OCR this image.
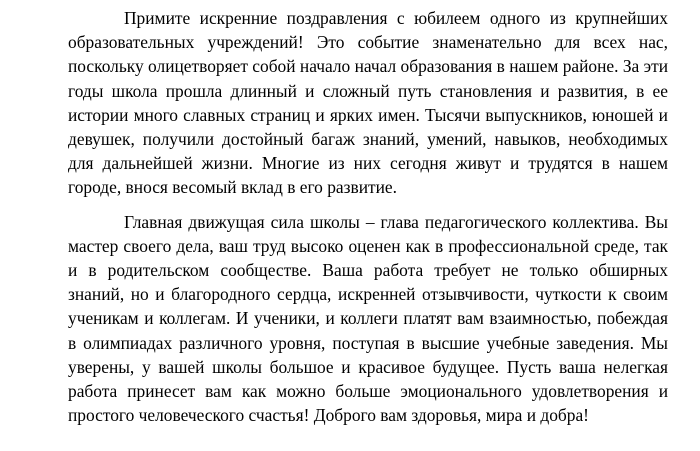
Примите искренние поздравления с юбилеем одного из крупнейших образовательных учреждений! Это событие знаменательно для всех нас, поскольку олицетворяет собой начало начал образования в нашем районе. За эти годы школа прошла длинный и сложный путь становления и развития, в ее истории много славных страниц и ярких имен. Тысячи выпускников, юношей и девушек, получили достойный багаж знаний, умений, навыков, необходимых для дальнейшей жизни. Многие из них сегодня живут и трудятся в нашем городе, внося весомый вклад в его развитие.

Главная движущая сила школы – глава педагогического коллектива. Вы мастер своего дела, ваш труд высоко оценен как в профессиональной среде, так и в родительском сообществе. Ваша работа требует не только обширных знаний, но и благородного сердца, искренней отзывчивости, чуткости к своим ученикам и коллегам. И ученики, и коллеги платят вам взаимностью, побеждая в олимпиадах различного уровня, поступая в высшие учебные заведения. Мы уверены, у вашей школы большое и красивое будущее. Пусть ваша нелегкая работа принесет вам как можно больше эмоционального удовлетворения и простого человеческого счастья! Доброго вам здоровья, мира и добра!
